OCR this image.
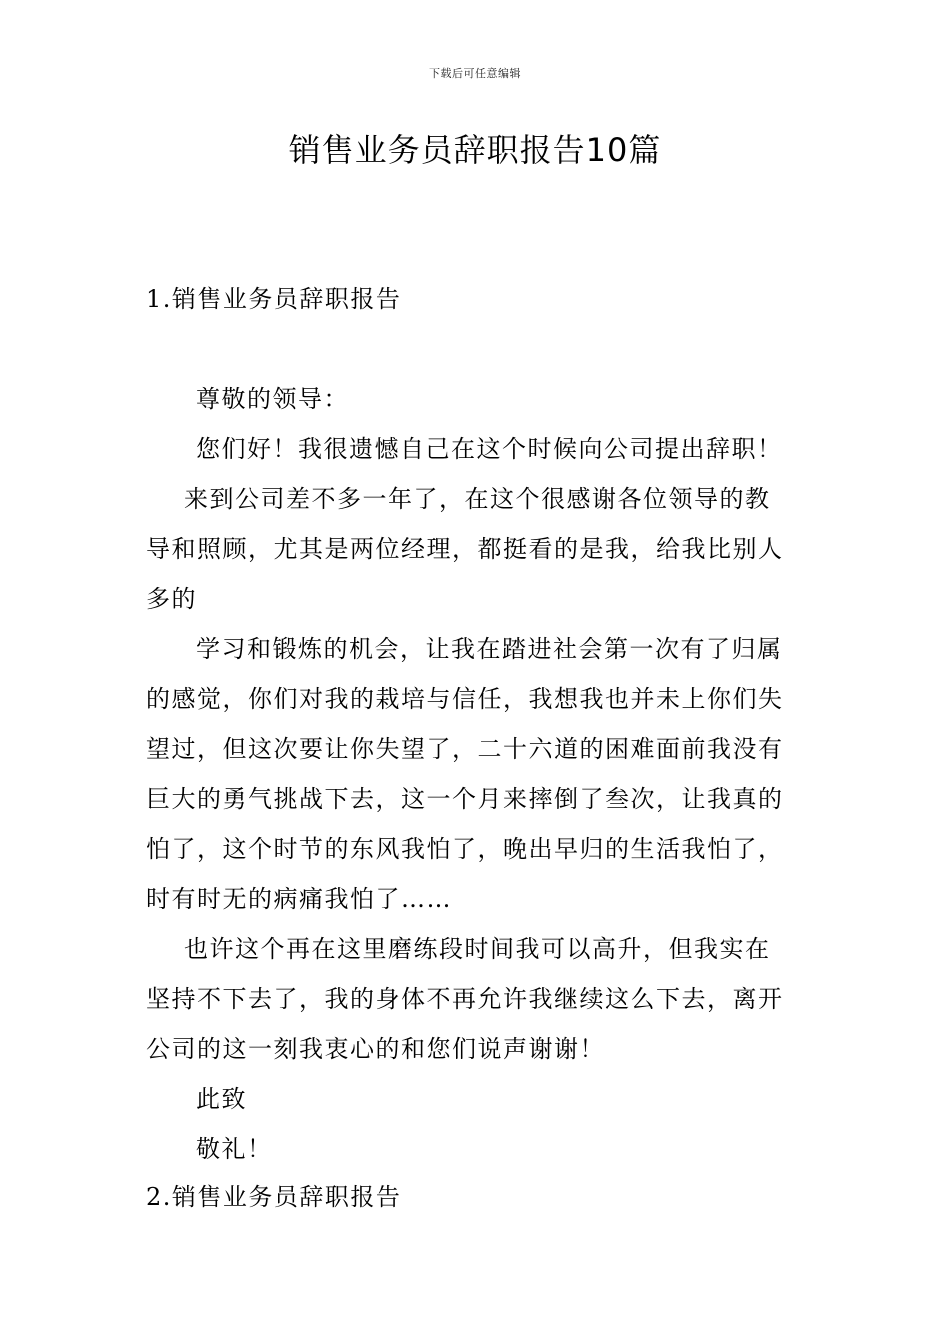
下载后可任意编辑
销售业务员辞职报告10篇
1.销售业务员辞职报告
尊敬的领导：
您们好！我很遗憾自己在这个时候向公司提出辞职！
来到公司差不多一年了，在这个很感谢各位领导的教
导和照顾，尤其是两位经理，都挺看的是我，给我比别人
多的
学习和锻炼的机会，让我在踏进社会第一次有了归属
的感觉，你们对我的栽培与信任，我想我也并未上你们失
望过，但这次要让你失望了，二十六道的困难面前我没有
巨大的勇气挑战下去，这一个月来摔倒了叁次，让我真的
怕了，这个时节的东风我怕了，晚出早归的生活我怕了，
时有时无的病痛我怕了……
也许这个再在这里磨练段时间我可以高升，但我实在
坚持不下去了，我的身体不再允许我继续这么下去，离开
公司的这一刻我衷心的和您们说声谢谢！
此致
敬礼！
2.销售业务员辞职报告
